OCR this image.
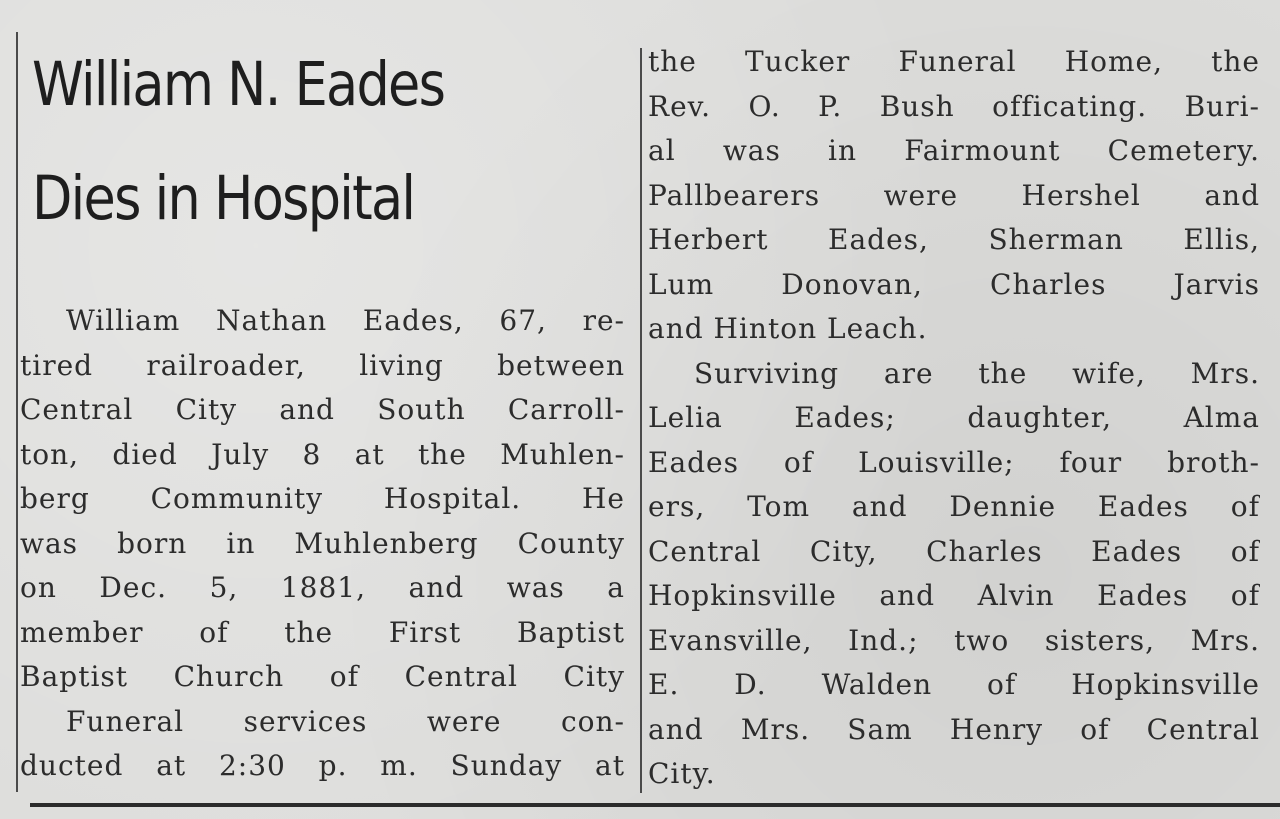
William N. Eades
Dies in Hospital
William Nathan Eades, 67, re-
tired railroader, living between
Central City and South Carroll-
ton, died July 8 at the Muhlen-
berg Community Hospital. He
was born in Muhlenberg County
on Dec. 5, 1881, and was a
member of the First Baptist
Baptist Church of Central City
Funeral services were con-
ducted at 2:30 p. m. Sunday at
the Tucker Funeral Home, the
Rev. O. P. Bush officating. Buri-
al was in Fairmount Cemetery.
Pallbearers were Hershel and
Herbert Eades, Sherman Ellis,
Lum Donovan, Charles Jarvis
and Hinton Leach.
Surviving are the wife, Mrs.
Lelia Eades; daughter, Alma
Eades of Louisville; four broth-
ers, Tom and Dennie Eades of
Central City, Charles Eades of
Hopkinsville and Alvin Eades of
Evansville, Ind.; two sisters, Mrs.
E. D. Walden of Hopkinsville
and Mrs. Sam Henry of Central
City.
